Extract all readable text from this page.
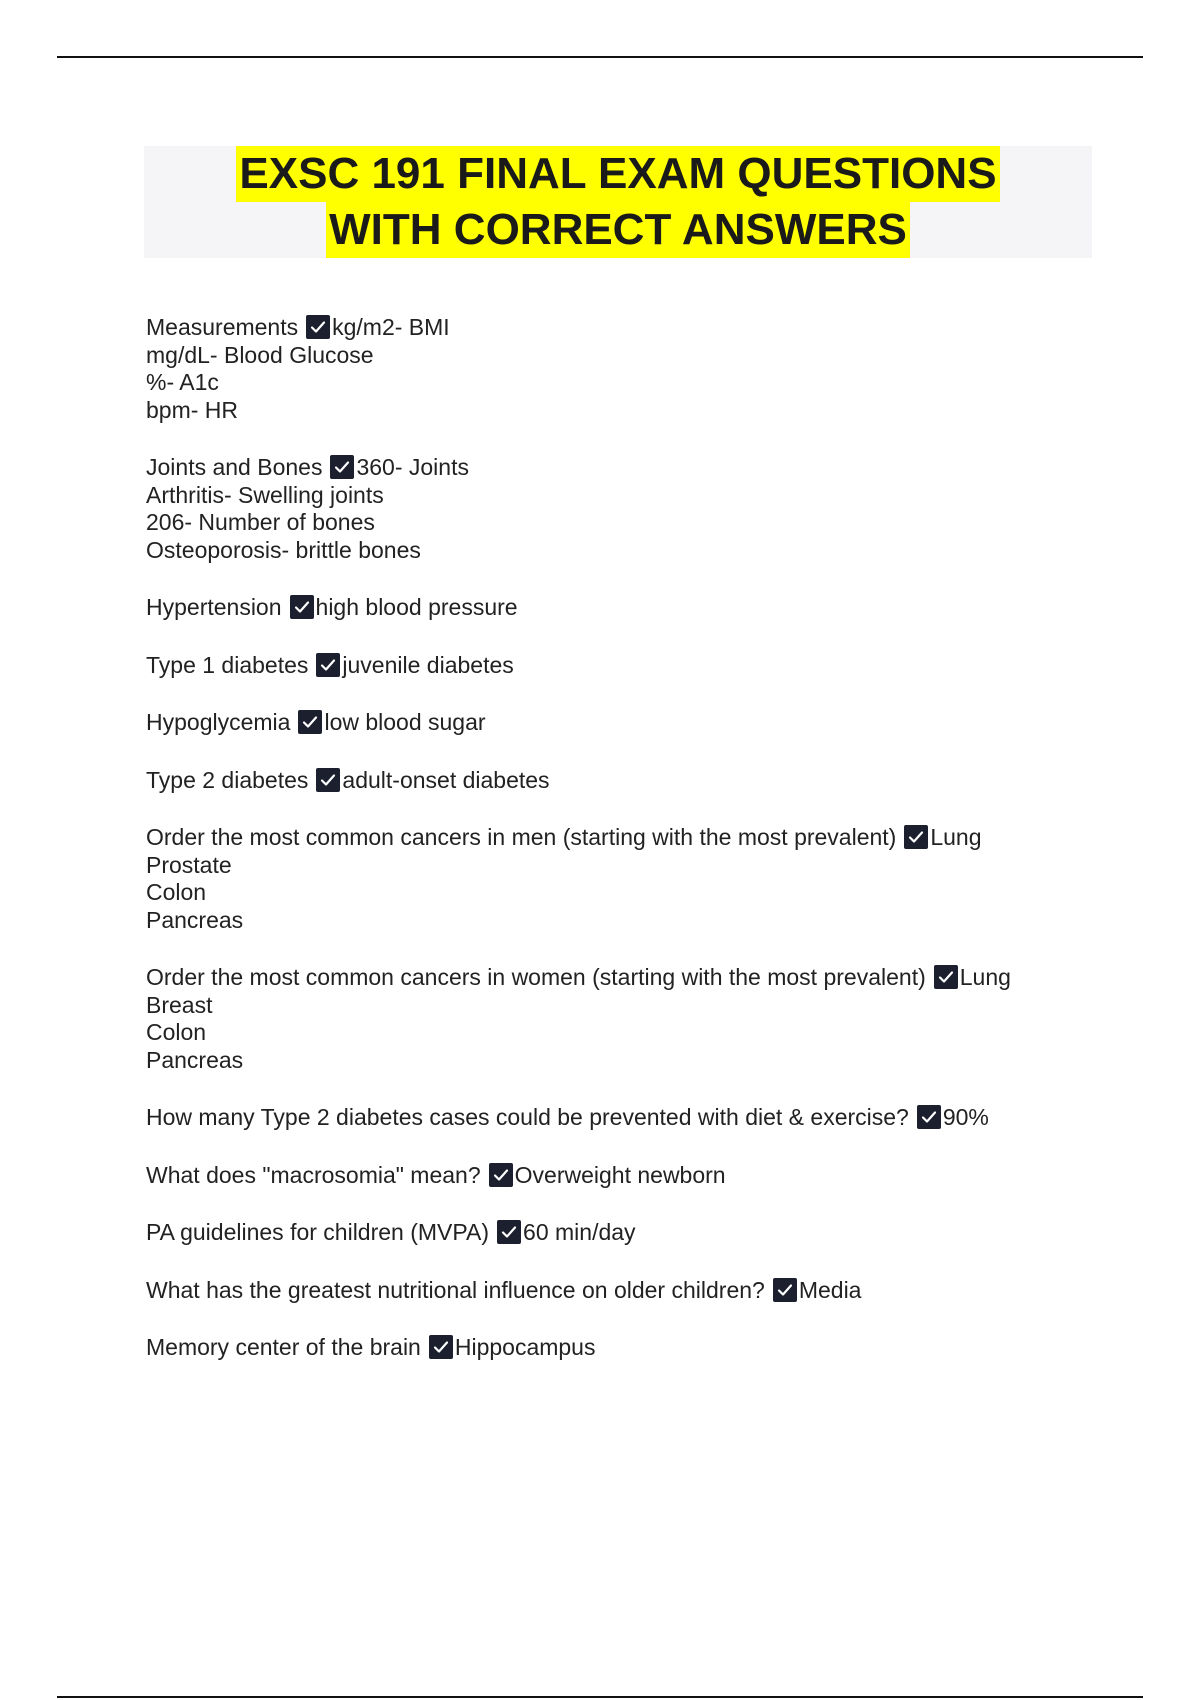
EXSC 191 FINAL EXAM QUESTIONS
WITH CORRECT ANSWERS
Measurements kg/m2- BMI
mg/dL- Blood Glucose
%- A1c
bpm- HR
Joints and Bones 360- Joints
Arthritis- Swelling joints
206- Number of bones
Osteoporosis- brittle bones
Hypertension high blood pressure
Type 1 diabetes juvenile diabetes
Hypoglycemia low blood sugar
Type 2 diabetes adult-onset diabetes
Order the most common cancers in men (starting with the most prevalent) Lung
Prostate
Colon
Pancreas
Order the most common cancers in women (starting with the most prevalent) Lung
Breast
Colon
Pancreas
How many Type 2 diabetes cases could be prevented with diet & exercise? 90%
What does "macrosomia" mean? Overweight newborn
PA guidelines for children (MVPA) 60 min/day
What has the greatest nutritional influence on older children? Media
Memory center of the brain Hippocampus
